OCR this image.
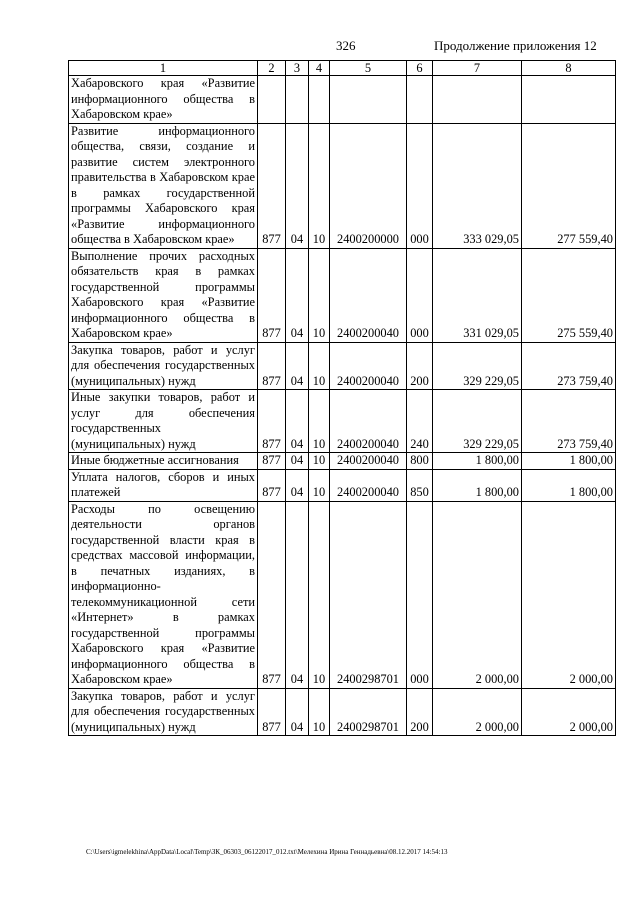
326	Продолжение приложения 12
1	2	3	4	5	6	7	8
Хабаровского края «Развитие информационного общества в Хабаровском крае»							
Развитие информационного общества, связи, создание и развитие систем электронного правительства в Хабаровском крае в рамках государственной программы Хабаровского края «Развитие информационного общества в Хабаровском крае»	877	04	10	2400200000	000	333 029,05	277 559,40
Выполнение прочих расходных обязательств края в рамках государственной программы Хабаровского края «Развитие информационного общества в Хабаровском крае»	877	04	10	2400200040	000	331 029,05	275 559,40
Закупка товаров, работ и услуг для обеспечения государственных (муниципальных) нужд	877	04	10	2400200040	200	329 229,05	273 759,40
Иные закупки товаров, работ и услуг для обеспечения государственных (муниципальных) нужд	877	04	10	2400200040	240	329 229,05	273 759,40
Иные бюджетные ассигнования	877	04	10	2400200040	800	1 800,00	1 800,00
Уплата налогов, сборов и иных платежей	877	04	10	2400200040	850	1 800,00	1 800,00
Расходы по освещению деятельности органов государственной власти края в средствах массовой информации, в печатных изданиях, в информационно-телекоммуникационной сети «Интернет» в рамках государственной программы Хабаровского края «Развитие информационного общества в Хабаровском крае»	877	04	10	2400298701	000	2 000,00	2 000,00
Закупка товаров, работ и услуг для обеспечения государственных (муниципальных) нужд	877	04	10	2400298701	200	2 000,00	2 000,00
C:\Users\igmelekhina\AppData\Local\Temp\ЗК_06303_06122017_012.txt\Мелехина Ирина Геннадьевна\08.12.2017 14:54:13
